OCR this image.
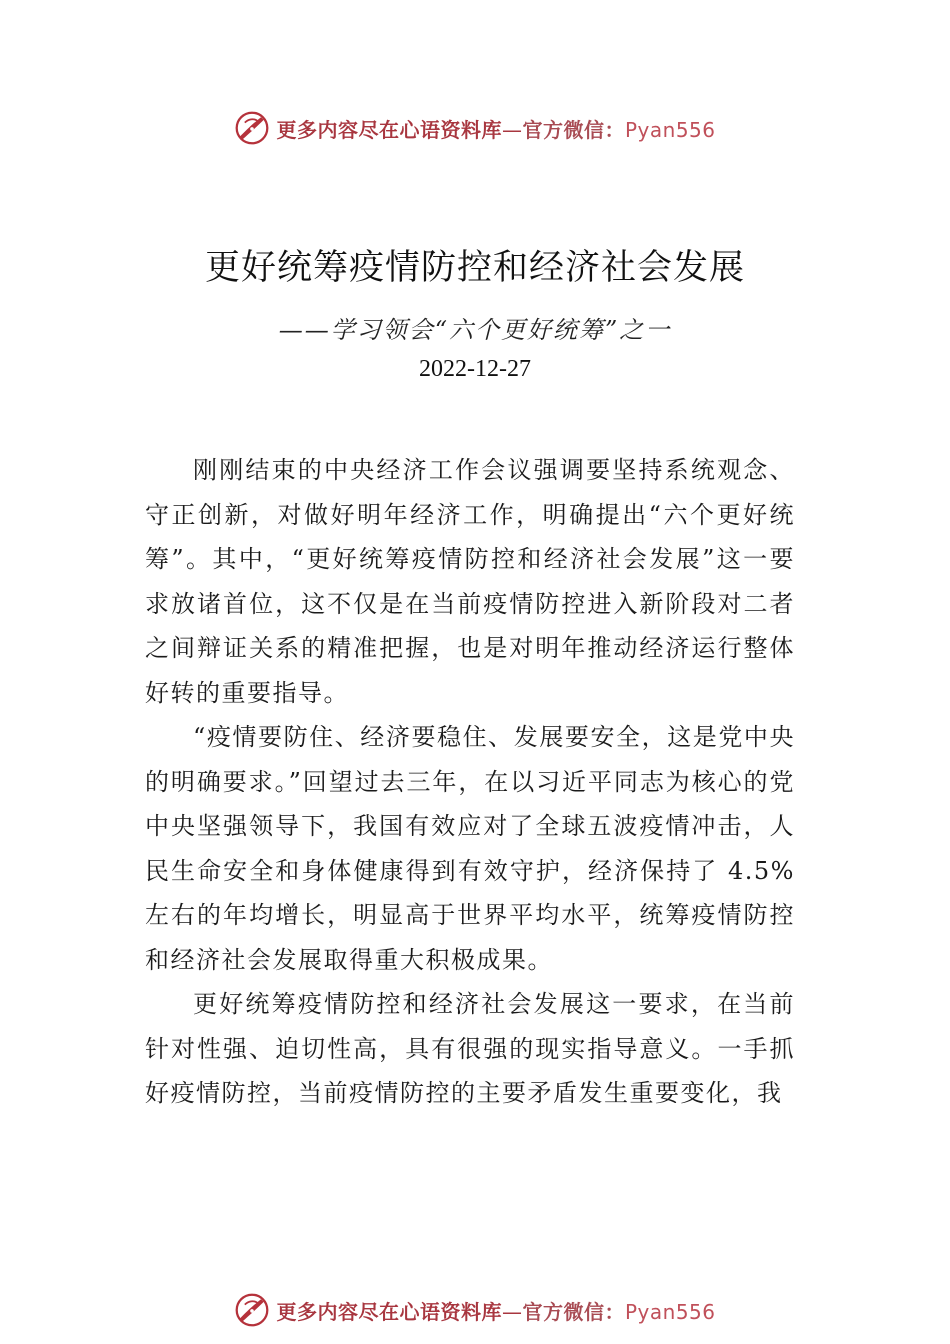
更多内容尽在心语资料库—官方微信：Pyan556
更好统筹疫情防控和经济社会发展
——学习领会“六个更好统筹”之一
2022-12-27

刚刚结束的中央经济工作会议强调要坚持系统观念、守正创新，对做好明年经济工作，明确提出“六个更好统筹”。其中，“更好统筹疫情防控和经济社会发展”这一要求放诸首位，这不仅是在当前疫情防控进入新阶段对二者之间辩证关系的精准把握，也是对明年推动经济运行整体好转的重要指导。

“疫情要防住、经济要稳住、发展要安全，这是党中央的明确要求。”回望过去三年，在以习近平同志为核心的党中央坚强领导下，我国有效应对了全球五波疫情冲击，人民生命安全和身体健康得到有效守护，经济保持了 4.5%左右的年均增长，明显高于世界平均水平，统筹疫情防控和经济社会发展取得重大积极成果。

更好统筹疫情防控和经济社会发展这一要求，在当前针对性强、迫切性高，具有很强的现实指导意义。一手抓好疫情防控，当前疫情防控的主要矛盾发生重要变化，我

更多内容尽在心语资料库—官方微信：Pyan556
